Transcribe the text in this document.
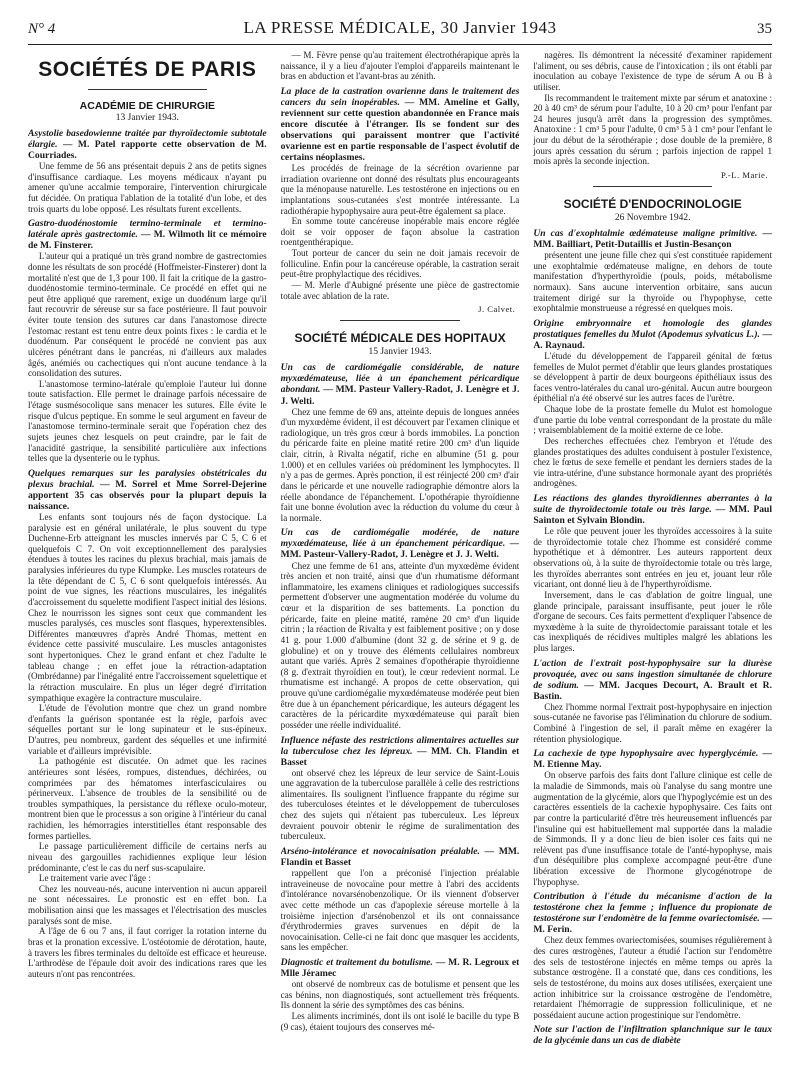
N° 4	LA PRESSE MÉDICALE, 30 Janvier 1943	35
SOCIÉTÉS DE PARIS
ACADÉMIE DE CHIRURGIE
13 Janvier 1943.
Asystolie basedowienne traitée par thyroïdectomie subtotale élargie. — M. Patel rapporte cette observation de M. Courriades.

Une femme de 56 ans présentait depuis 2 ans de petits signes d'insuffisance cardiaque. Les moyens médicaux n'ayant pu amener qu'une accalmie temporaire, l'intervention chirurgicale fut décidée. On pratiqua l'ablation de la totalité d'un lobe, et des trois quarts du lobe opposé. Les résultats furent excellents.

Gastro-duodénostomie termino-terminale et termino-latérale après gastrectomie. — M. Wilmoth lit ce mémoire de M. Finsterer.

L'auteur qui a pratiqué un très grand nombre de gastrectomies donne les résultats de son procédé (Hoffmeister-Finsterer) dont la mortalité n'est que de 1,3 pour 100. Il fait la critique de la gastro-duodénostomie termino-terminale. Ce procédé en effet qui ne peut être appliqué que rarement, exige un duodénum large qu'il faut recouvrir de séreuse sur sa face postérieure. Il faut pouvoir éviter toute tension des sutures car dans l'anastomose directe l'estomac restant est tenu entre deux points fixes : le cardia et le duodénum. Par conséquent le procédé ne convient pas aux ulcères pénétrant dans le pancréas, ni d'ailleurs aux malades âgés, anémiés ou cachectiques qui n'ont aucune tendance à la consolidation des sutures.

L'anastomose termino-latérale qu'emploie l'auteur lui donne toute satisfaction. Elle permet le drainage parfois nécessaire de l'étage susmésocolique sans menacer les sutures. Elle évite le risque d'ulcus peptique. En somme le seul argument en faveur de l'anastomose termino-terminale serait que l'opération chez des sujets jeunes chez lesquels on peut craindre, par le fait de l'anacidité gastrique, la sensibilité particulière aux infections telles que la dysenterie ou le typhus.

Quelques remarques sur les paralysies obstétricales du plexus brachial. — M. Sorrel et Mme Sorrel-Dejerine apportent 35 cas observés pour la plupart depuis la naissance.

Les enfants sont toujours nés de façon dystocique. La paralysie est en général unilatérale, le plus souvent du type Duchenne-Erb atteignant les muscles innervés par C 5, C 6 et quelquefois C 7. On voit exceptionnellement des paralysies étendues à toutes les racines du plexus brachial, mais jamais de paralysies inférieures du type Klumpke. Les muscles rotateurs de la tête dépendant de C 5, C 6 sont quelquefois intéressés. Au point de vue signes, les réactions musculaires, les inégalités d'accroissement du squelette modifient l'aspect initial des lésions. Chez le nourrisson les signes sont ceux que commandent les muscles paralysés, ces muscles sont flasques, hyperextensibles. Différentes manœuvres d'après André Thomas, mettent en évidence cette passivité musculaire. Les muscles antagonistes sont hypertoniques. Chez le grand enfant et chez l'adulte le tableau change ; en effet joue la rétraction-adaptation (Ombrédanne) par l'inégalité entre l'accroissement squelettique et la rétraction musculaire. En plus un léger degré d'irritation sympathique exagère la contracture musculaire.

L'étude de l'évolution montre que chez un grand nombre d'enfants la guérison spontanée est la règle, parfois avec séquelles portant sur le long supinateur et le sus-épineux. D'autres, peu nombreux, gardent des séquelles et une infirmité variable et d'ailleurs imprévisible.

La pathogénie est discutée. On admet que les racines antérieures sont lésées, rompues, distendues, déchirées, ou comprimées par des hématomes interfasciculaires ou périnerveux. L'absence de troubles de la sensibilité ou de troubles sympathiques, la persistance du réflexe oculo-moteur, montrent bien que le processus a son origine à l'intérieur du canal rachidien, les hémorragies interstitielles étant responsable des formes partielles.

Le passage particulièrement difficile de certains nerfs au niveau des gargouilles rachidiennes explique leur lésion prédominante, c'est le cas du nerf sus-scapulaire.

Le traitement varie avec l'âge :

Chez les nouveau-nés, aucune intervention ni aucun appareil ne sont nécessaires. Le pronostic est en effet bon. La mobilisation ainsi que les massages et l'électrisation des muscles paralysés sont de mise.

A l'âge de 6 ou 7 ans, il faut corriger la rotation interne du bras et la pronation excessive. L'ostéotomie de dérotation, haute, à travers les fibres terminales du deltoïde est efficace et heureuse. L'arthrodèse de l'épaule doit avoir des indications rares que les auteurs n'ont pas rencontrées.

— M. Fèvre pense qu'au traitement électrothérapique après la naissance, il y a lieu d'ajouter l'emploi d'appareils maintenant le bras en abduction et l'avant-bras au zénith.

La place de la castration ovarienne dans le traitement des cancers du sein inopérables. — MM. Ameline et Gally, reviennent sur cette question abandonnée en France mais encore discutée à l'étranger. Ils se fondent sur des observations qui paraissent montrer que l'activité ovarienne est en partie responsable de l'aspect évolutif de certains néoplasmes.

Les procédés de freinage de la sécrétion ovarienne par irradiation ovarienne ont donné des résultats plus encourageants que la ménopause naturelle. Les testostérone en injections ou en implantations sous-cutanées s'est montrée intéressante. La radiothérapie hypophysaire aura peut-être également sa place.

En somme toute cancéreuse inopérable mais encore réglée doit se voir opposer de façon absolue la castration roentgenthérapique.

Tout porteur de cancer du sein ne doit jamais recevoir de folliculine. Enfin pour la cancéreuse opérable, la castration serait peut-être prophylactique des récidives.

— M. Merle d'Aubigné présente une pièce de gastrectomie totale avec ablation de la rate.

J. Calvet.
SOCIÉTÉ MÉDICALE DES HOPITAUX
15 Janvier 1943.
Un cas de cardiomégalie considérable, de nature myxœdémateuse, liée à un épanchement péricardique abondant. — MM. Pasteur Vallery-Radot, J. Lenègre et J. J. Welti.

Chez une femme de 69 ans, atteinte depuis de longues années d'un myxœdème évident, il est découvert par l'examen clinique et radiologique, un très gros cœur à bords immobiles. La ponction du péricarde faite en pleine matité retire 200 cm³ d'un liquide clair, citrin, à Rivalta négatif, riche en albumine (51 g. pour 1.000) et en cellules variées où prédominent les lymphocytes. Il n'y a pas de germes. Après ponction, il est réinjecté 200 cm³ d'air dans le péricarde et une nouvelle radiographie démontre alors la réelle abondance de l'épanchement. L'opothérapie thyroïdienne fait une bonne évolution avec la réduction du volume du cœur à la normale.

Un cas de cardiomégalie modérée, de nature myxœdémateuse, liée à un épanchement péricardique. — MM. Pasteur-Vallery-Radot, J. Lenègre et J. J. Welti.

Chez une femme de 61 ans, atteinte d'un myxœdème évident très ancien et non traité, ainsi que d'un rhumatisme déformant inflammatoire, les examens cliniques et radiologiques successifs permettent d'observer une augmentation modérée du volume du cœur et la disparition de ses battements. La ponction du péricarde, faite en pleine matité, ramène 20 cm³ d'un liquide citrin ; la réaction de Rivalta y est faiblement positive ; on y dose 41 g. pour 1.000 d'albumine (dont 32 g. de sérine et 9 g. de globuline) et on y trouve des éléments cellulaires nombreux autant que variés. Après 2 semaines d'opothérapie thyroïdienne (8 g. d'extrait thyroïdien en tout), le cœur redevient normal. Le rhumatisme est inchangé. A propos de cette observation, qui prouve qu'une cardiomégalie myxœdémateuse modérée peut bien être due à un épanchement péricardique, les auteurs dégagent les caractères de la péricardite myxœdémateuse qui paraît bien posséder une réelle individualité.

Influence néfaste des restrictions alimentaires actuelles sur la tuberculose chez les lépreux. — MM. Ch. Flandin et Basset

ont observé chez les lépreux de leur service de Saint-Louis une aggravation de la tuberculose parallèle à celle des restrictions alimentaires. Ils soulignent l'influence frappante du régime sur des tuberculoses éteintes et le développement de tuberculoses chez des sujets qui n'étaient pas tuberculeux. Les lépreux devraient pouvoir obtenir le régime de suralimentation des tuberculeux.

Arséno-intolérance et novocainisation préalable. — MM. Flandin et Basset

rappellent que l'on a préconisé l'injection préalable intraveineuse de novocaïne pour mettre à l'abri des accidents d'intolérance novarsénobenzolique. Or ils viennent d'observer avec cette méthode un cas d'apoplexie séreuse mortelle à la troisième injection d'arsénobenzol et ils ont connaissance d'érythrodermies graves survenues en dépit de la novocainisation. Celle-ci ne fait donc que masquer les accidents, sans les empêcher.

Diagnostic et traitement du botulisme. — M. R. Legroux et Mlle Jéramec

ont observé de nombreux cas de botulisme et pensent que les cas bénins, non diagnostiqués, sont actuellement très fréquents. Ils donnent la série des symptômes des cas bénins.

Les aliments incriminés, dont ils ont isolé le bacille du type B (9 cas), étaient toujours des conserves mé-

nagères. Ils démontrent la nécessité d'examiner rapidement l'aliment, ou ses débris, cause de l'intoxication ; ils ont établi par inoculation au cobaye l'existence de type de sérum A ou B à utiliser.

Ils recommandent le traitement mixte par sérum et anatoxine : 20 à 40 cm³ de sérum pour l'adulte, 10 à 20 cm³ pour l'enfant par 24 heures jusqu'à arrêt dans la progression des symptômes. Anatoxine : 1 cm³ 5 pour l'adulte, 0 cm³ 5 à 1 cm³ pour l'enfant le jour du début de la sérothérapie ; dose double de la première, 8 jours après cessation du sérum ; parfois injection de rappel 1 mois après la seconde injection.

P.-L. Marie.
SOCIÉTÉ D'ENDOCRINOLOGIE
26 Novembre 1942.
Un cas d'exophtalmie œdémateuse maligne primitive. — MM. Bailliart, Petit-Dutaillis et Justin-Besançon

présentent une jeune fille chez qui s'est constituée rapidement une exophtalmie œdémateuse maligne, en dehors de toute manifestation d'hyperthyroïdie (pouls, poids, métabolisme normaux). Sans aucune intervention orbitaire, sans aucun traitement dirigé sur la thyroïde ou l'hypophyse, cette exophtalmie monstrueuse a régressé en quelques mois.

Origine embryonnaire et homologie des glandes prostatiques femelles du Mulot (Apodemus sylvaticus L.). — A. Raynaud.

L'étude du développement de l'appareil génital de fœtus femelles de Mulot permet d'établir que leurs glandes prostatiques se développent à partir de deux bourgeons épithéliaux issus des faces ventro-latérales du canal uro-génital. Aucun autre bourgeon épithélial n'a été observé sur les autres faces de l'urètre.

Chaque lobe de la prostate femelle du Mulot est homologue d'une partie du lobe ventral correspondant de la prostate du mâle ; vraisemblablement de la moitié externe de ce lobe.

Des recherches effectuées chez l'embryon et l'étude des glandes prostatiques des adultes conduisent à postuler l'existence, chez le fœtus de sexe femelle et pendant les derniers stades de la vie intra-utérine, d'une substance hormonale ayant des propriétés androgènes.

Les réactions des glandes thyroïdiennes aberrantes à la suite de thyroïdectomie totale ou très large. — MM. Paul Sainton et Sylvain Blondin.

Le rôle que peuvent jouer les thyroïdes accessoires à la suite de thyroïdectomie totale chez l'homme est considéré comme hypothétique et à démontrer. Les auteurs rapportent deux observations où, à la suite de thyroïdectomie totale ou très large, les thyroïdes aberrantes sont entrées en jeu et, jouant leur rôle vicariant, ont donné lieu à de l'hyperthyroïdisme.

Inversement, dans le cas d'ablation de goitre lingual, une glande principale, paraissant insuffisante, peut jouer le rôle d'organe de secours. Ces faits permettent d'expliquer l'absence de myxœdème à la suite de thyroïdectomie paraissant totale et les cas inexpliqués de récidives multiples malgré les ablations les plus larges.

L'action de l'extrait post-hypophysaire sur la diurèse provoquée, avec ou sans ingestion simultanée de chlorure de sodium. — MM. Jacques Decourt, A. Brault et R. Bastin.

Chez l'homme normal l'extrait post-hypophysaire en injection sous-cutanée ne favorise pas l'élimination du chlorure de sodium. Combiné à l'ingestion de sel, il paraît même en exagérer la rétention physiologique.

La cachexie de type hypophysaire avec hyperglycémie. — M. Etienne May.

On observe parfois des faits dont l'allure clinique est celle de la maladie de Simmonds, mais où l'analyse du sang montre une augmentation de la glycémie, alors que l'hypoglycémie est un des caractères essentiels de la cachexie hypophysaire. Ces faits ont par contre la particularité d'être très heureusement influencés par l'insuline qui est habituellement mal supportée dans la maladie de Simmonds. Il y a donc lieu de bien isoler ces faits qui ne relèvent pas d'une insuffisance totale de l'anté-hypophyse, mais d'un déséquilibre plus complexe accompagné peut-être d'une libération excessive de l'hormone glycogénotrope de l'hypophyse.

Contribution à l'étude du mécanisme d'action de la testostérone chez la femme ; influence du propionate de testostérone sur l'endomètre de la femme ovariectomisée. — M. Ferin.

Chez deux femmes ovariectomisées, soumises régulièrement à des cures œstrogènes, l'auteur a étudié l'action sur l'endomètre des sels de testostérone injectés en même temps ou après la substance œstrogène. Il a constaté que, dans ces conditions, les sels de testostérone, du moins aux doses utilisées, exerçaient une action inhibitrice sur la croissance œstrogène de l'endomètre, retardaient l'hémorragie de suppression folliculinique, et ne possédaient aucune action progestinique sur l'endomètre.

Note sur l'action de l'infiltration splanchnique sur le taux de la glycémie dans un cas de diabète
